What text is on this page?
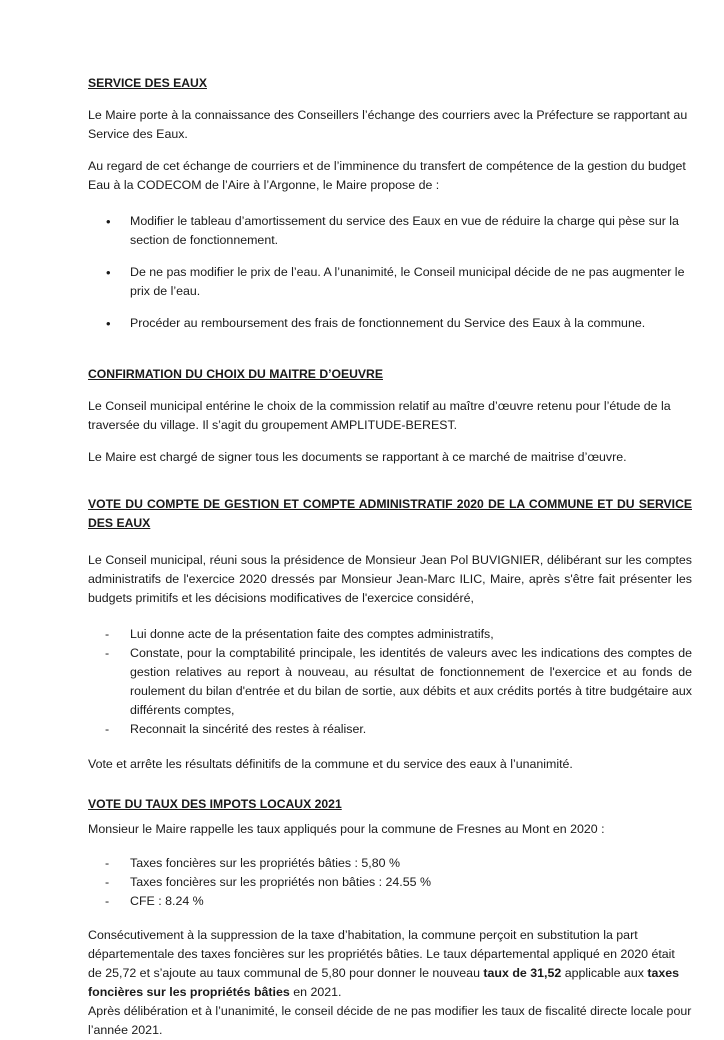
SERVICE DES EAUX

Le Maire porte à la connaissance des Conseillers l’échange des courriers avec la Préfecture se rapportant au Service des Eaux.

Au regard de cet échange de courriers et de l’imminence du transfert de compétence de la gestion du budget Eau à la CODECOM de l’Aire à l’Argonne, le Maire propose de :

• Modifier le tableau d’amortissement du service des Eaux en vue de réduire la charge qui pèse sur la section de fonctionnement.
• De ne pas modifier le prix de l’eau. A l’unanimité, le Conseil municipal décide de ne pas augmenter le prix de l’eau.
• Procéder au remboursement des frais de fonctionnement du Service des Eaux à la commune.

CONFIRMATION DU CHOIX DU MAITRE D’OEUVRE

Le Conseil municipal entérine le choix de la commission relatif au maître d’œuvre retenu pour l’étude de la traversée du village. Il s’agit du groupement AMPLITUDE-BEREST.

Le Maire est chargé de signer tous les documents se rapportant à ce marché de maitrise d’œuvre.

VOTE DU COMPTE DE GESTION ET COMPTE ADMINISTRATIF 2020 DE LA COMMUNE ET DU SERVICE DES EAUX

Le Conseil municipal, réuni sous la présidence de Monsieur Jean Pol BUVIGNIER, délibérant sur les comptes administratifs de l'exercice 2020 dressés par Monsieur Jean-Marc ILIC, Maire, après s'être fait présenter les budgets primitifs et les décisions modificatives de l'exercice considéré,

- Lui donne acte de la présentation faite des comptes administratifs,
- Constate, pour la comptabilité principale, les identités de valeurs avec les indications des comptes de gestion relatives au report à nouveau, au résultat de fonctionnement de l'exercice et au fonds de roulement du bilan d'entrée et du bilan de sortie, aux débits et aux crédits portés à titre budgétaire aux différents comptes,
- Reconnait la sincérité des restes à réaliser.

Vote et arrête les résultats définitifs de la commune et du service des eaux à l’unanimité.

VOTE DU TAUX DES IMPOTS LOCAUX 2021

Monsieur le Maire rappelle les taux appliqués pour la commune de Fresnes au Mont en 2020 :

- Taxes foncières sur les propriétés bâties : 5,80 %
- Taxes foncières sur les propriétés non bâties : 24.55 %
- CFE : 8.24 %

Consécutivement à la suppression de la taxe d’habitation, la commune perçoit en substitution la part départementale des taxes foncières sur les propriétés bâties. Le taux départemental appliqué en 2020 était de 25,72 et s’ajoute au taux communal de 5,80 pour donner le nouveau taux de 31,52 applicable aux taxes foncières sur les propriétés bâties en 2021.

Après délibération et à l’unanimité, le conseil décide de ne pas modifier les taux de fiscalité directe locale pour l’année 2021.
